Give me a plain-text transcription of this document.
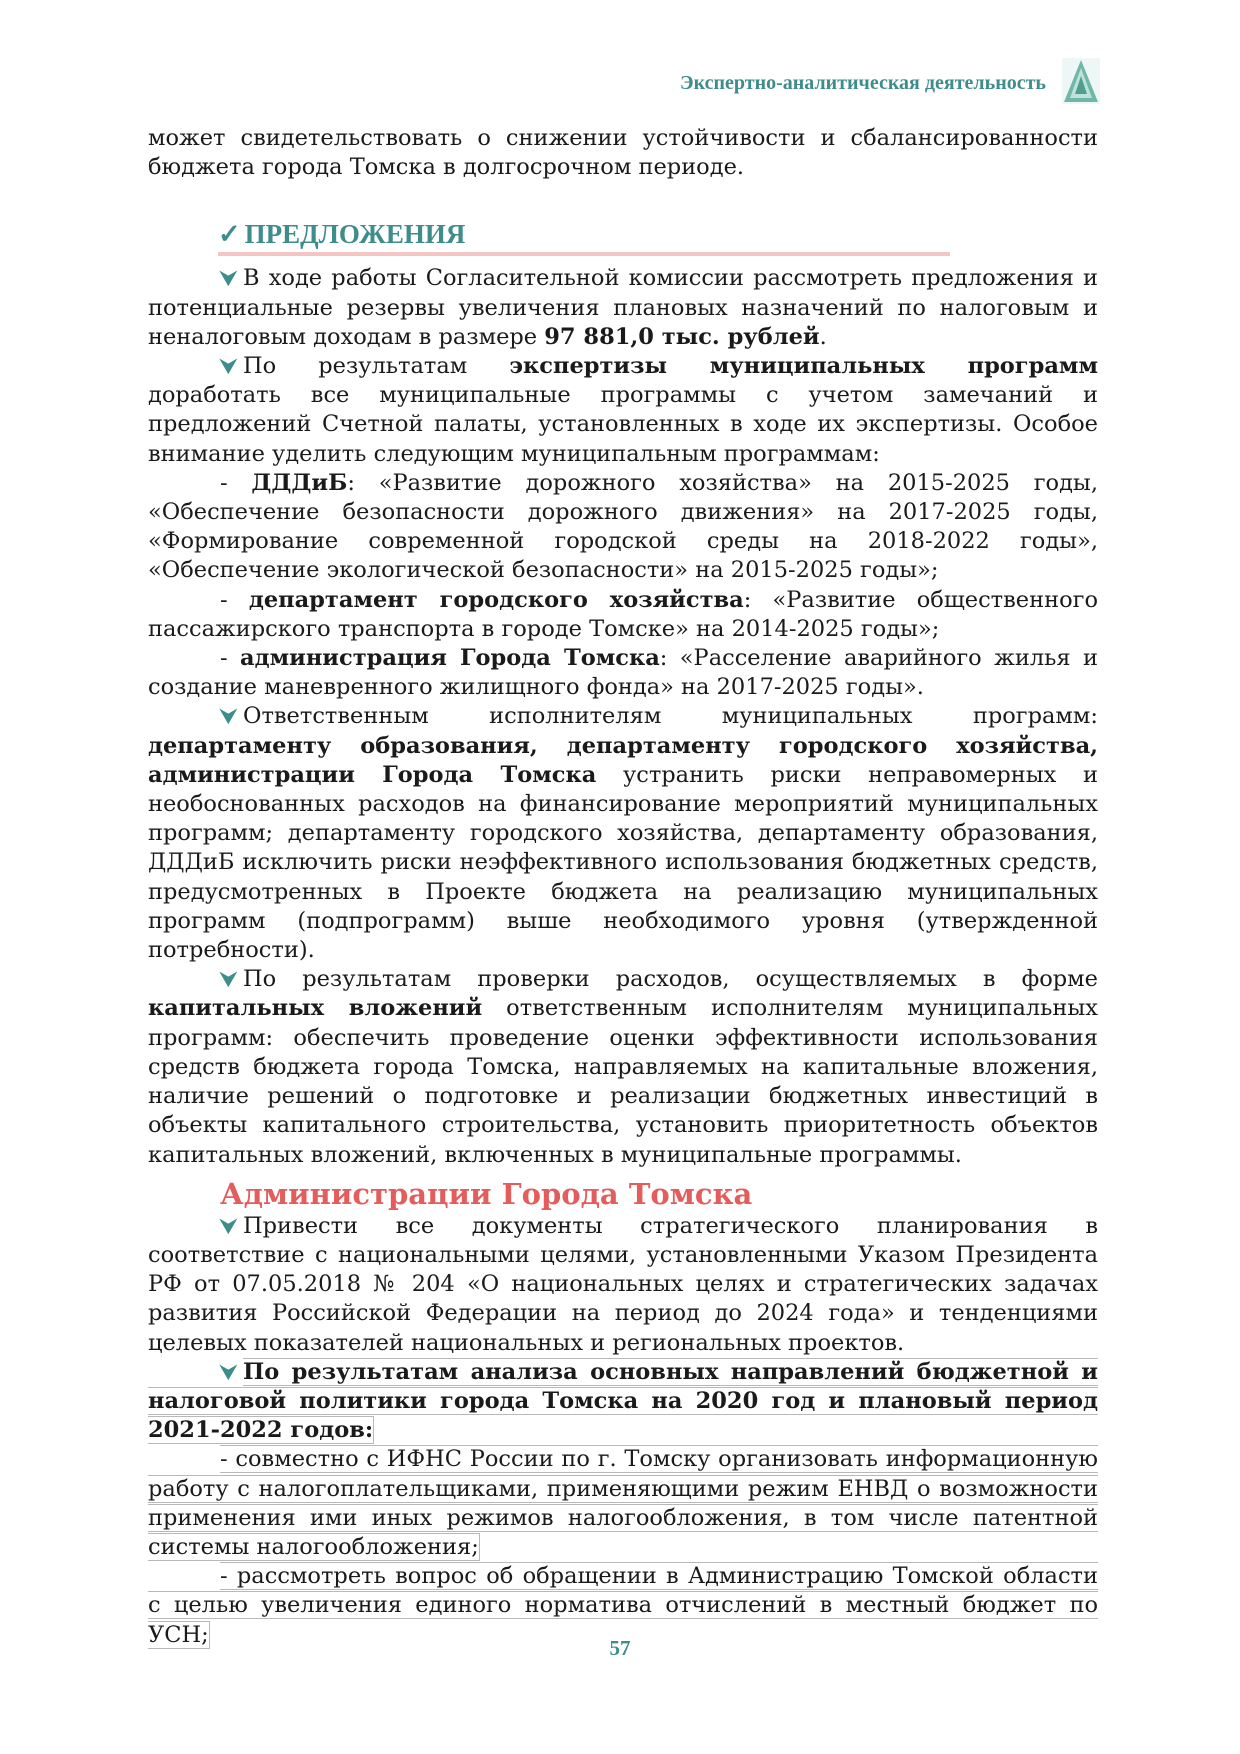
Экспертно-аналитическая деятельность

может свидетельствовать о снижении устойчивости и сбалансированности бюджета города Томска в долгосрочном периоде.

✓ ПРЕДЛОЖЕНИЯ

⮟ В ходе работы Согласительной комиссии рассмотреть предложения и потенциальные резервы увеличения плановых назначений по налоговым и неналоговым доходам в размере 97 881,0 тыс. рублей.

⮟ По результатам экспертизы муниципальных программ доработать все муниципальные программы с учетом замечаний и предложений Счетной палаты, установленных в ходе их экспертизы. Особое внимание уделить следующим муниципальным программам:

- ДДДиБ: «Развитие дорожного хозяйства» на 2015-2025 годы, «Обеспечение безопасности дорожного движения» на 2017-2025 годы, «Формирование современной городской среды на 2018-2022 годы», «Обеспечение экологической безопасности» на 2015-2025 годы»;

- департамент городского хозяйства: «Развитие общественного пассажирского транспорта в городе Томске» на 2014-2025 годы»;

- администрация Города Томска: «Расселение аварийного жилья и создание маневренного жилищного фонда» на 2017-2025 годы».

⮟ Ответственным исполнителям муниципальных программ: департаменту образования, департаменту городского хозяйства, администрации Города Томска устранить риски неправомерных и необоснованных расходов на финансирование мероприятий муниципальных программ; департаменту городского хозяйства, департаменту образования, ДДДиБ исключить риски неэффективного использования бюджетных средств, предусмотренных в Проекте бюджета на реализацию муниципальных программ (подпрограмм) выше необходимого уровня (утвержденной потребности).

⮟ По результатам проверки расходов, осуществляемых в форме капитальных вложений ответственным исполнителям муниципальных программ: обеспечить проведение оценки эффективности использования средств бюджета города Томска, направляемых на капитальные вложения, наличие решений о подготовке и реализации бюджетных инвестиций в объекты капитального строительства, установить приоритетность объектов капитальных вложений, включенных в муниципальные программы.

Администрации Города Томска

⮟ Привести все документы стратегического планирования в соответствие с национальными целями, установленными Указом Президента РФ от 07.05.2018 № 204 «О национальных целях и стратегических задачах развития Российской Федерации на период до 2024 года» и тенденциями целевых показателей национальных и региональных проектов.

⮟ По результатам анализа основных направлений бюджетной и налоговой политики города Томска на 2020 год и плановый период 2021-2022 годов:

- совместно с ИФНС России по г. Томску организовать информационную работу с налогоплательщиками, применяющими режим ЕНВД о возможности применения ими иных режимов налогообложения, в том числе патентной системы налогообложения;

- рассмотреть вопрос об обращении в Администрацию Томской области с целью увеличения единого норматива отчислений в местный бюджет по УСН;

57
